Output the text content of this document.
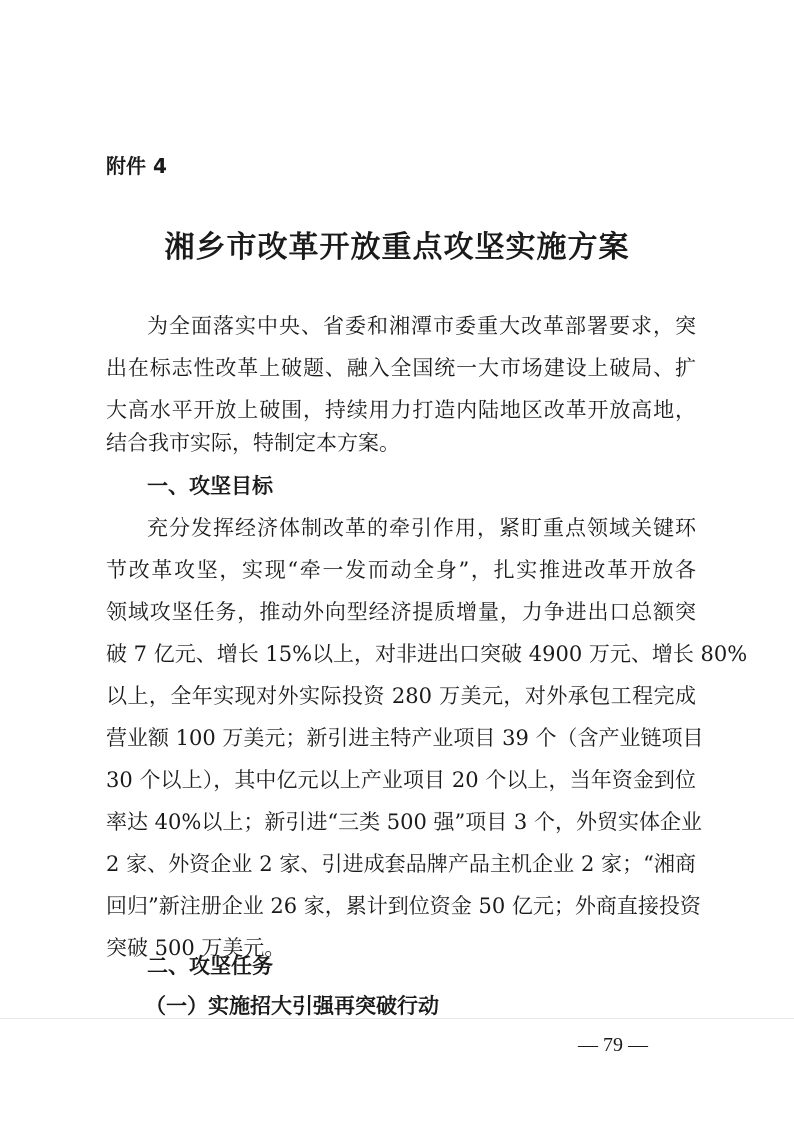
附件 4
湘乡市改革开放重点攻坚实施方案
为全面落实中央、省委和湘潭市委重大改革部署要求，突
出在标志性改革上破题、融入全国统一大市场建设上破局、扩
大高水平开放上破围，持续用力打造内陆地区改革开放高地，
结合我市实际，特制定本方案。
一、攻坚目标
充分发挥经济体制改革的牵引作用，紧盯重点领域关键环
节改革攻坚，实现“牵一发而动全身”，扎实推进改革开放各
领域攻坚任务，推动外向型经济提质增量，力争进出口总额突
破 7 亿元、增长 15%以上，对非进出口突破 4900 万元、增长 80%
以上，全年实现对外实际投资 280 万美元，对外承包工程完成
营业额 100 万美元；新引进主特产业项目 39 个（含产业链项目
30 个以上），其中亿元以上产业项目 20 个以上，当年资金到位
率达 40%以上；新引进“三类 500 强”项目 3 个，外贸实体企业
2 家、外资企业 2 家、引进成套品牌产品主机企业 2 家；“湘商
回归”新注册企业 26 家，累计到位资金 50 亿元；外商直接投资
突破 500 万美元。
二、攻坚任务
（一）实施招大引强再突破行动
— 79 —
